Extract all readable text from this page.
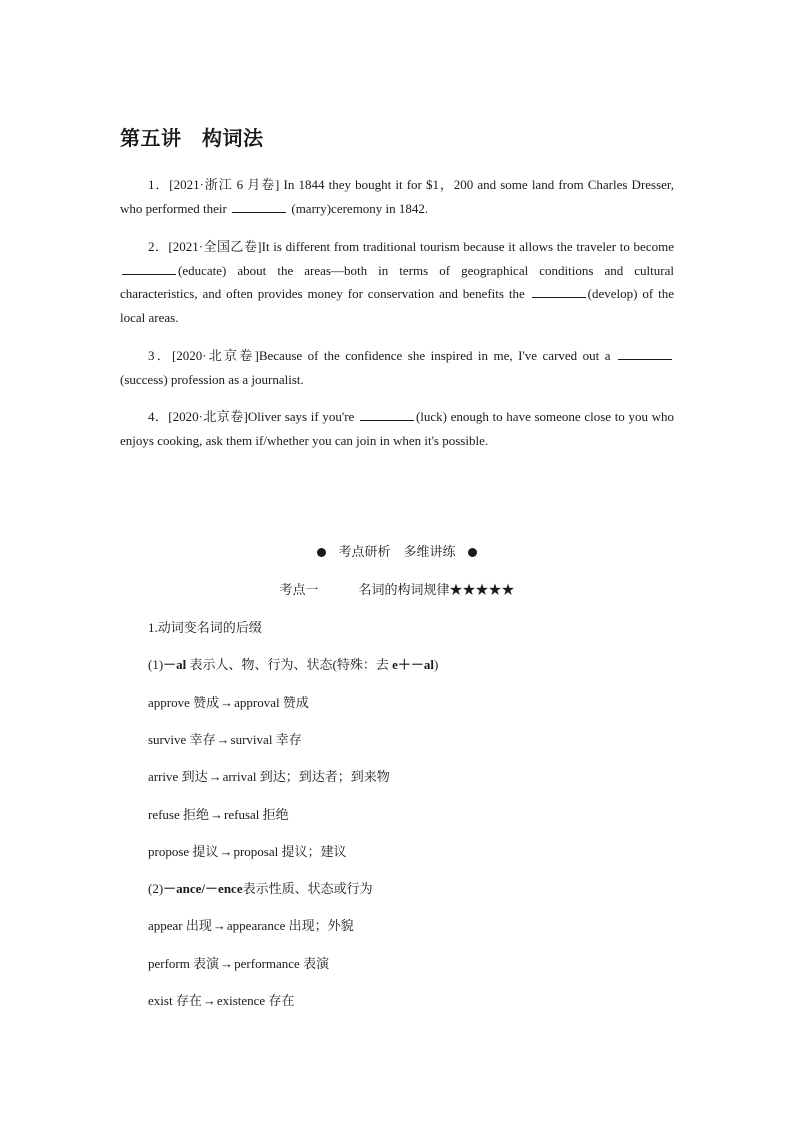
第五讲　构词法

1．[2021·浙江 6 月卷] In 1844 they bought it for $1，200 and some land from Charles Dresser, who performed their	(marry)ceremony in 1842.

2．[2021·全国乙卷]It is different from traditional tourism because it allows the traveler to become (educate) about the areas—both in terms of geographical conditions and cultural characteristics, and often provides money for conservation and benefits the	(develop) of the local areas.

3．[2020·北京卷]Because of the confidence she inspired in me, I've carved out a (success) profession as a journalist.

4．[2020·北京卷]Oliver says if you're	(luck) enough to have someone close to you who enjoys cooking, ask them if/whether you can join in when it's possible.

考点研析　多维讲练
考点一	名词的构词规律★★★★★

1.动词变名词的后缀

(1)－al 表示人、物、行为、状态(特殊：去 e＋－al)

approve 赞成→approval 赞成

survive 幸存→survival 幸存

arrive 到达→arrival 到达；到达者；到来物

refuse 拒绝→refusal 拒绝

propose 提议→proposal 提议；建议

(2)－ance/－ence表示性质、状态或行为

appear 出现→appearance 出现；外貌

perform 表演→performance 表演

exist 存在→existence 存在
